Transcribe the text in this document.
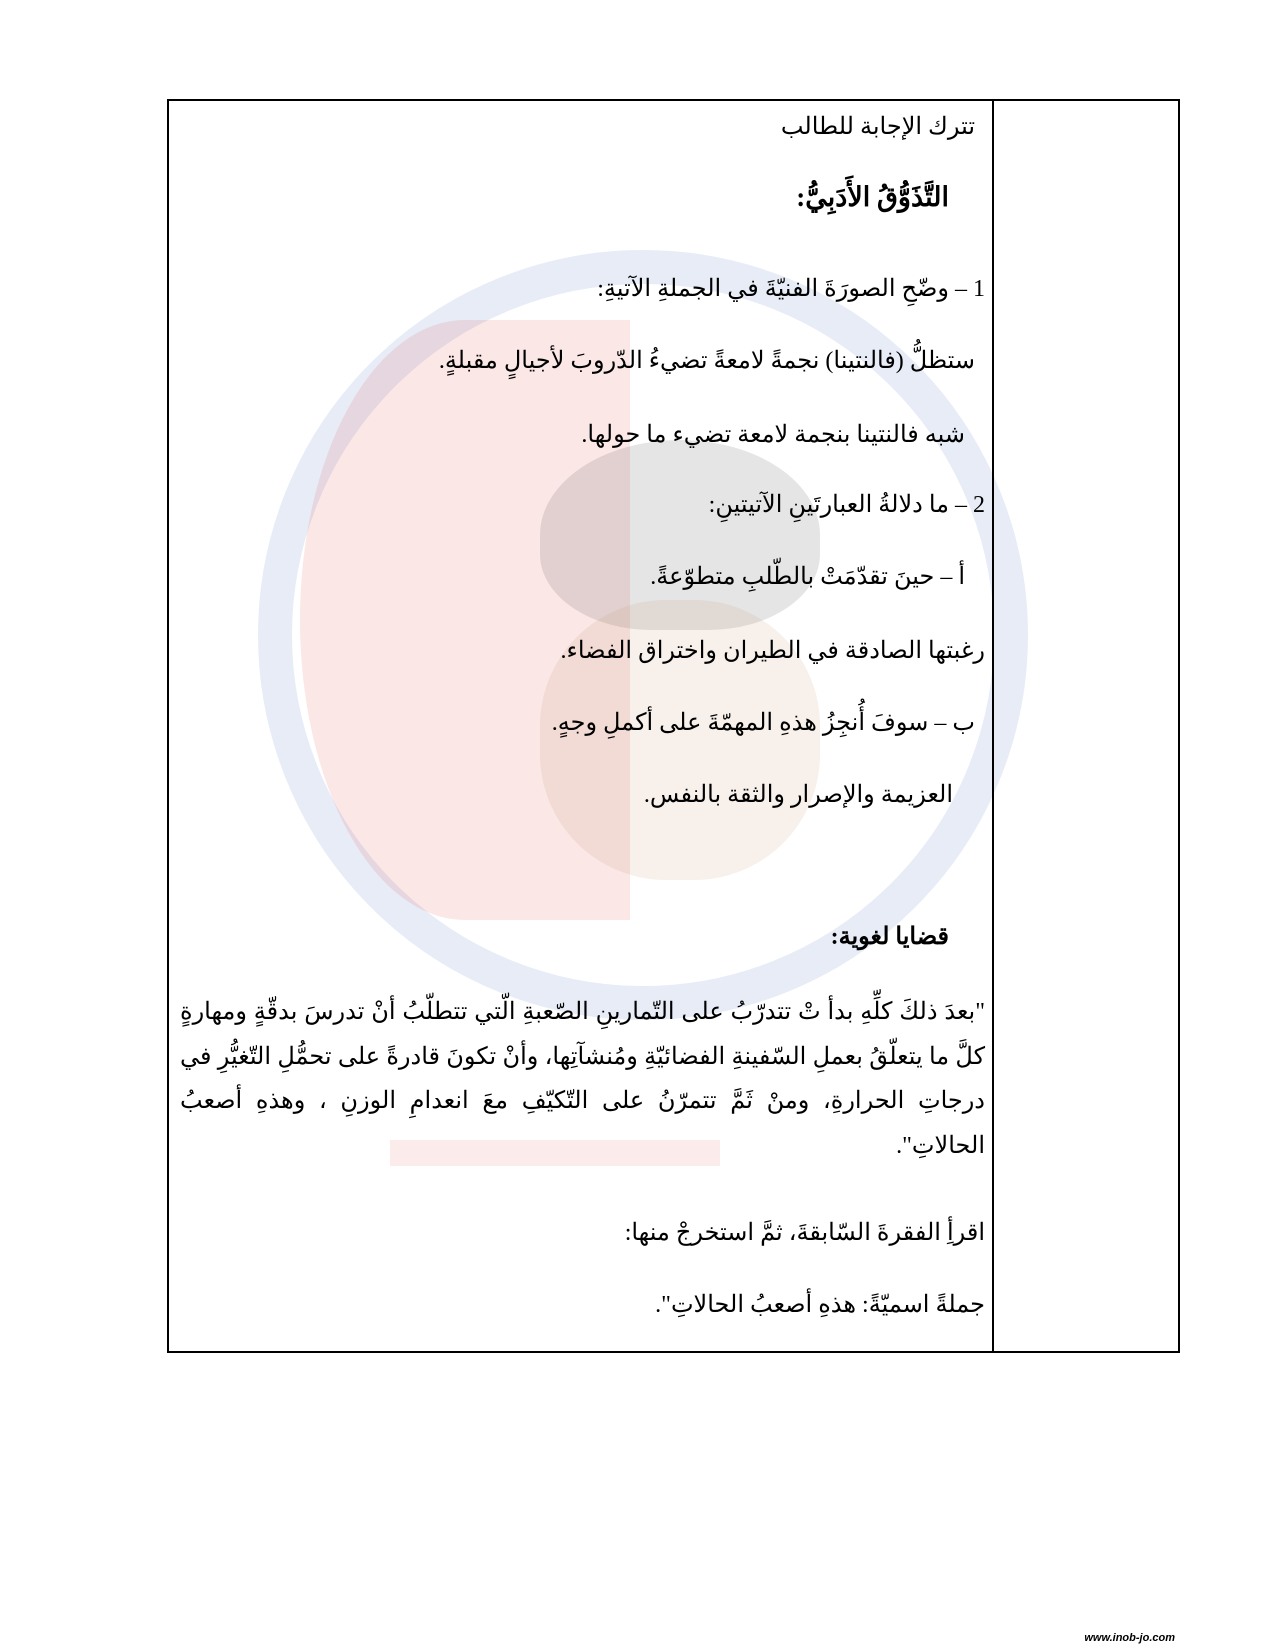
تترك الإجابة للطالب
التَّذَوُّقُ الأَدَبِيُّ:
1 – وضّحِ الصورَةَ الفنيّةَ في الجملةِ الآتيةِ:
ستظلُّ (فالنتينا) نجمةً لامعةً تضيءُ الدّروبَ لأجيالٍ مقبلةٍ.
شبه فالنتينا بنجمة لامعة تضيء ما حولها.
2 – ما دلالةُ العبارتَينِ الآتيتينِ:
أ – حينَ تقدّمَتْ بالطّلبِ متطوّعةً.
رغبتها الصادقة في الطيران واختراق الفضاء.
ب – سوفَ أُنجِزُ هذهِ المهمّةَ على أكملِ وجهٍ.
العزيمة والإصرار والثقة بالنفس.
قضايا لغوية:
"بعدَ ذلكَ كلِّهِ بدأ تْ تتدرّبُ على التّمارينِ الصّعبةِ الّتي تتطلّبُ أنْ تدرسَ بدقّةٍ ومهارةٍ كلَّ ما يتعلّقُ بعملِ السّفينةِ الفضائيّةِ ومُنشآتِها، وأنْ تكونَ قادرةً على تحمُّلِ التّغيُّرِ في درجاتِ الحرارةِ، ومنْ ثَمَّ تتمرّنُ على التّكيّفِ معَ انعدامِ الوزنِ ، وهذهِ أصعبُ الحالاتِ".
اقرأِ الفقرةَ السّابقةَ، ثمَّ استخرجْ منها:
جملةً اسميّةً: هذهِ أصعبُ الحالاتِ".
www.inob-jo.com
